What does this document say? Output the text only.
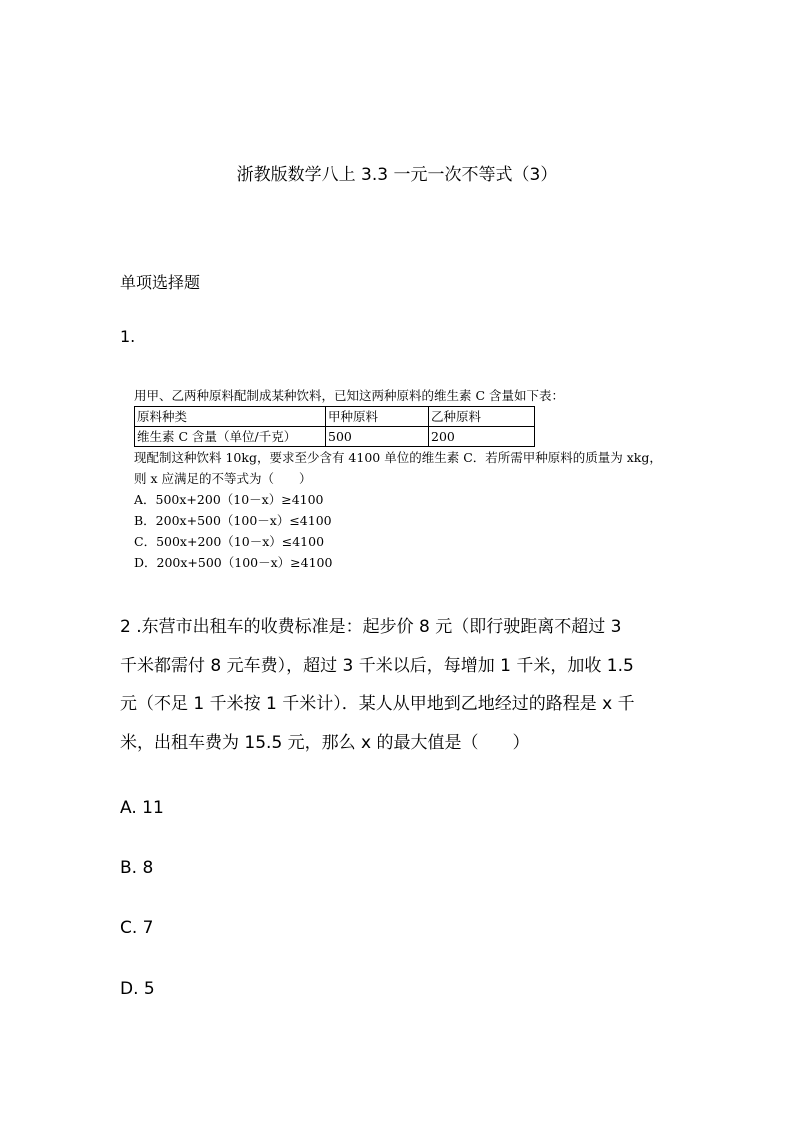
浙教版数学八上 3.3 一元一次不等式（3）
单项选择题
1.
用甲、乙两种原料配制成某种饮料，已知这两种原料的维生素 C 含量如下表：
原料种类	甲种原料	乙种原料
维生素 C 含量（单位/千克）	500	200
现配制这种饮料 10kg，要求至少含有 4100 单位的维生素 C．若所需甲种原料的质量为 xkg，
则 x 应满足的不等式为（　　）
A．500x+200（10－x）≥4100
B．200x+500（100－x）≤4100
C．500x+200（10－x）≤4100
D．200x+500（100－x）≥4100
2 .东营市出租车的收费标准是：起步价 8 元（即行驶距离不超过 3
千米都需付 8 元车费），超过 3 千米以后，每增加 1 千米，加收 1.5
元（不足 1 千米按 1 千米计）．某人从甲地到乙地经过的路程是 x 千
米，出租车费为 15.5 元，那么 x 的最大值是（　　）
A. 11
B. 8
C. 7
D. 5
